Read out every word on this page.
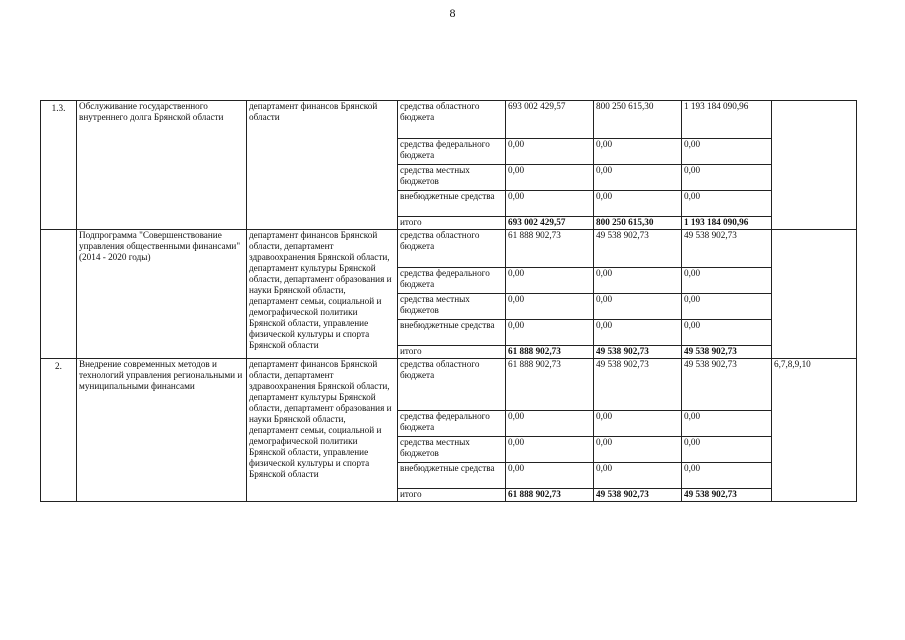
8
1.3.	Обслуживание государственного внутреннего долга Брянской области	департамент финансов Брянской области	средства областного бюджета	693 002 429,57	800 250 615,30	1 193 184 090,96	
			средства федерального бюджета	0,00	0,00	0,00	
			средства местных бюджетов	0,00	0,00	0,00	
			внебюджетные средства	0,00	0,00	0,00	
			итого	693 002 429,57	800 250 615,30	1 193 184 090,96	
	Подпрограмма "Совершенствование управления общественными финансами" (2014 - 2020 годы)	департамент финансов Брянской области, департамент здравоохранения Брянской области, департамент культуры Брянской области, департамент образования и науки Брянской области, департамент семьи, социальной и демографической политики Брянской области, управление физической культуры и спорта Брянской области	средства областного бюджета	61 888 902,73	49 538 902,73	49 538 902,73	
			средства федерального бюджета	0,00	0,00	0,00	
			средства местных бюджетов	0,00	0,00	0,00	
			внебюджетные средства	0,00	0,00	0,00	
			итого	61 888 902,73	49 538 902,73	49 538 902,73	
2.	Внедрение современных методов и технологий управления региональными и муниципальными финансами	департамент финансов Брянской области, департамент здравоохранения Брянской области, департамент культуры Брянской области, департамент образования и науки Брянской области, департамент семьи, социальной и демографической политики Брянской области, управление физической культуры и спорта Брянской области	средства областного бюджета	61 888 902,73	49 538 902,73	49 538 902,73	6,7,8,9,10
			средства федерального бюджета	0,00	0,00	0,00	
			средства местных бюджетов	0,00	0,00	0,00	
			внебюджетные средства	0,00	0,00	0,00	
			итого	61 888 902,73	49 538 902,73	49 538 902,73	
